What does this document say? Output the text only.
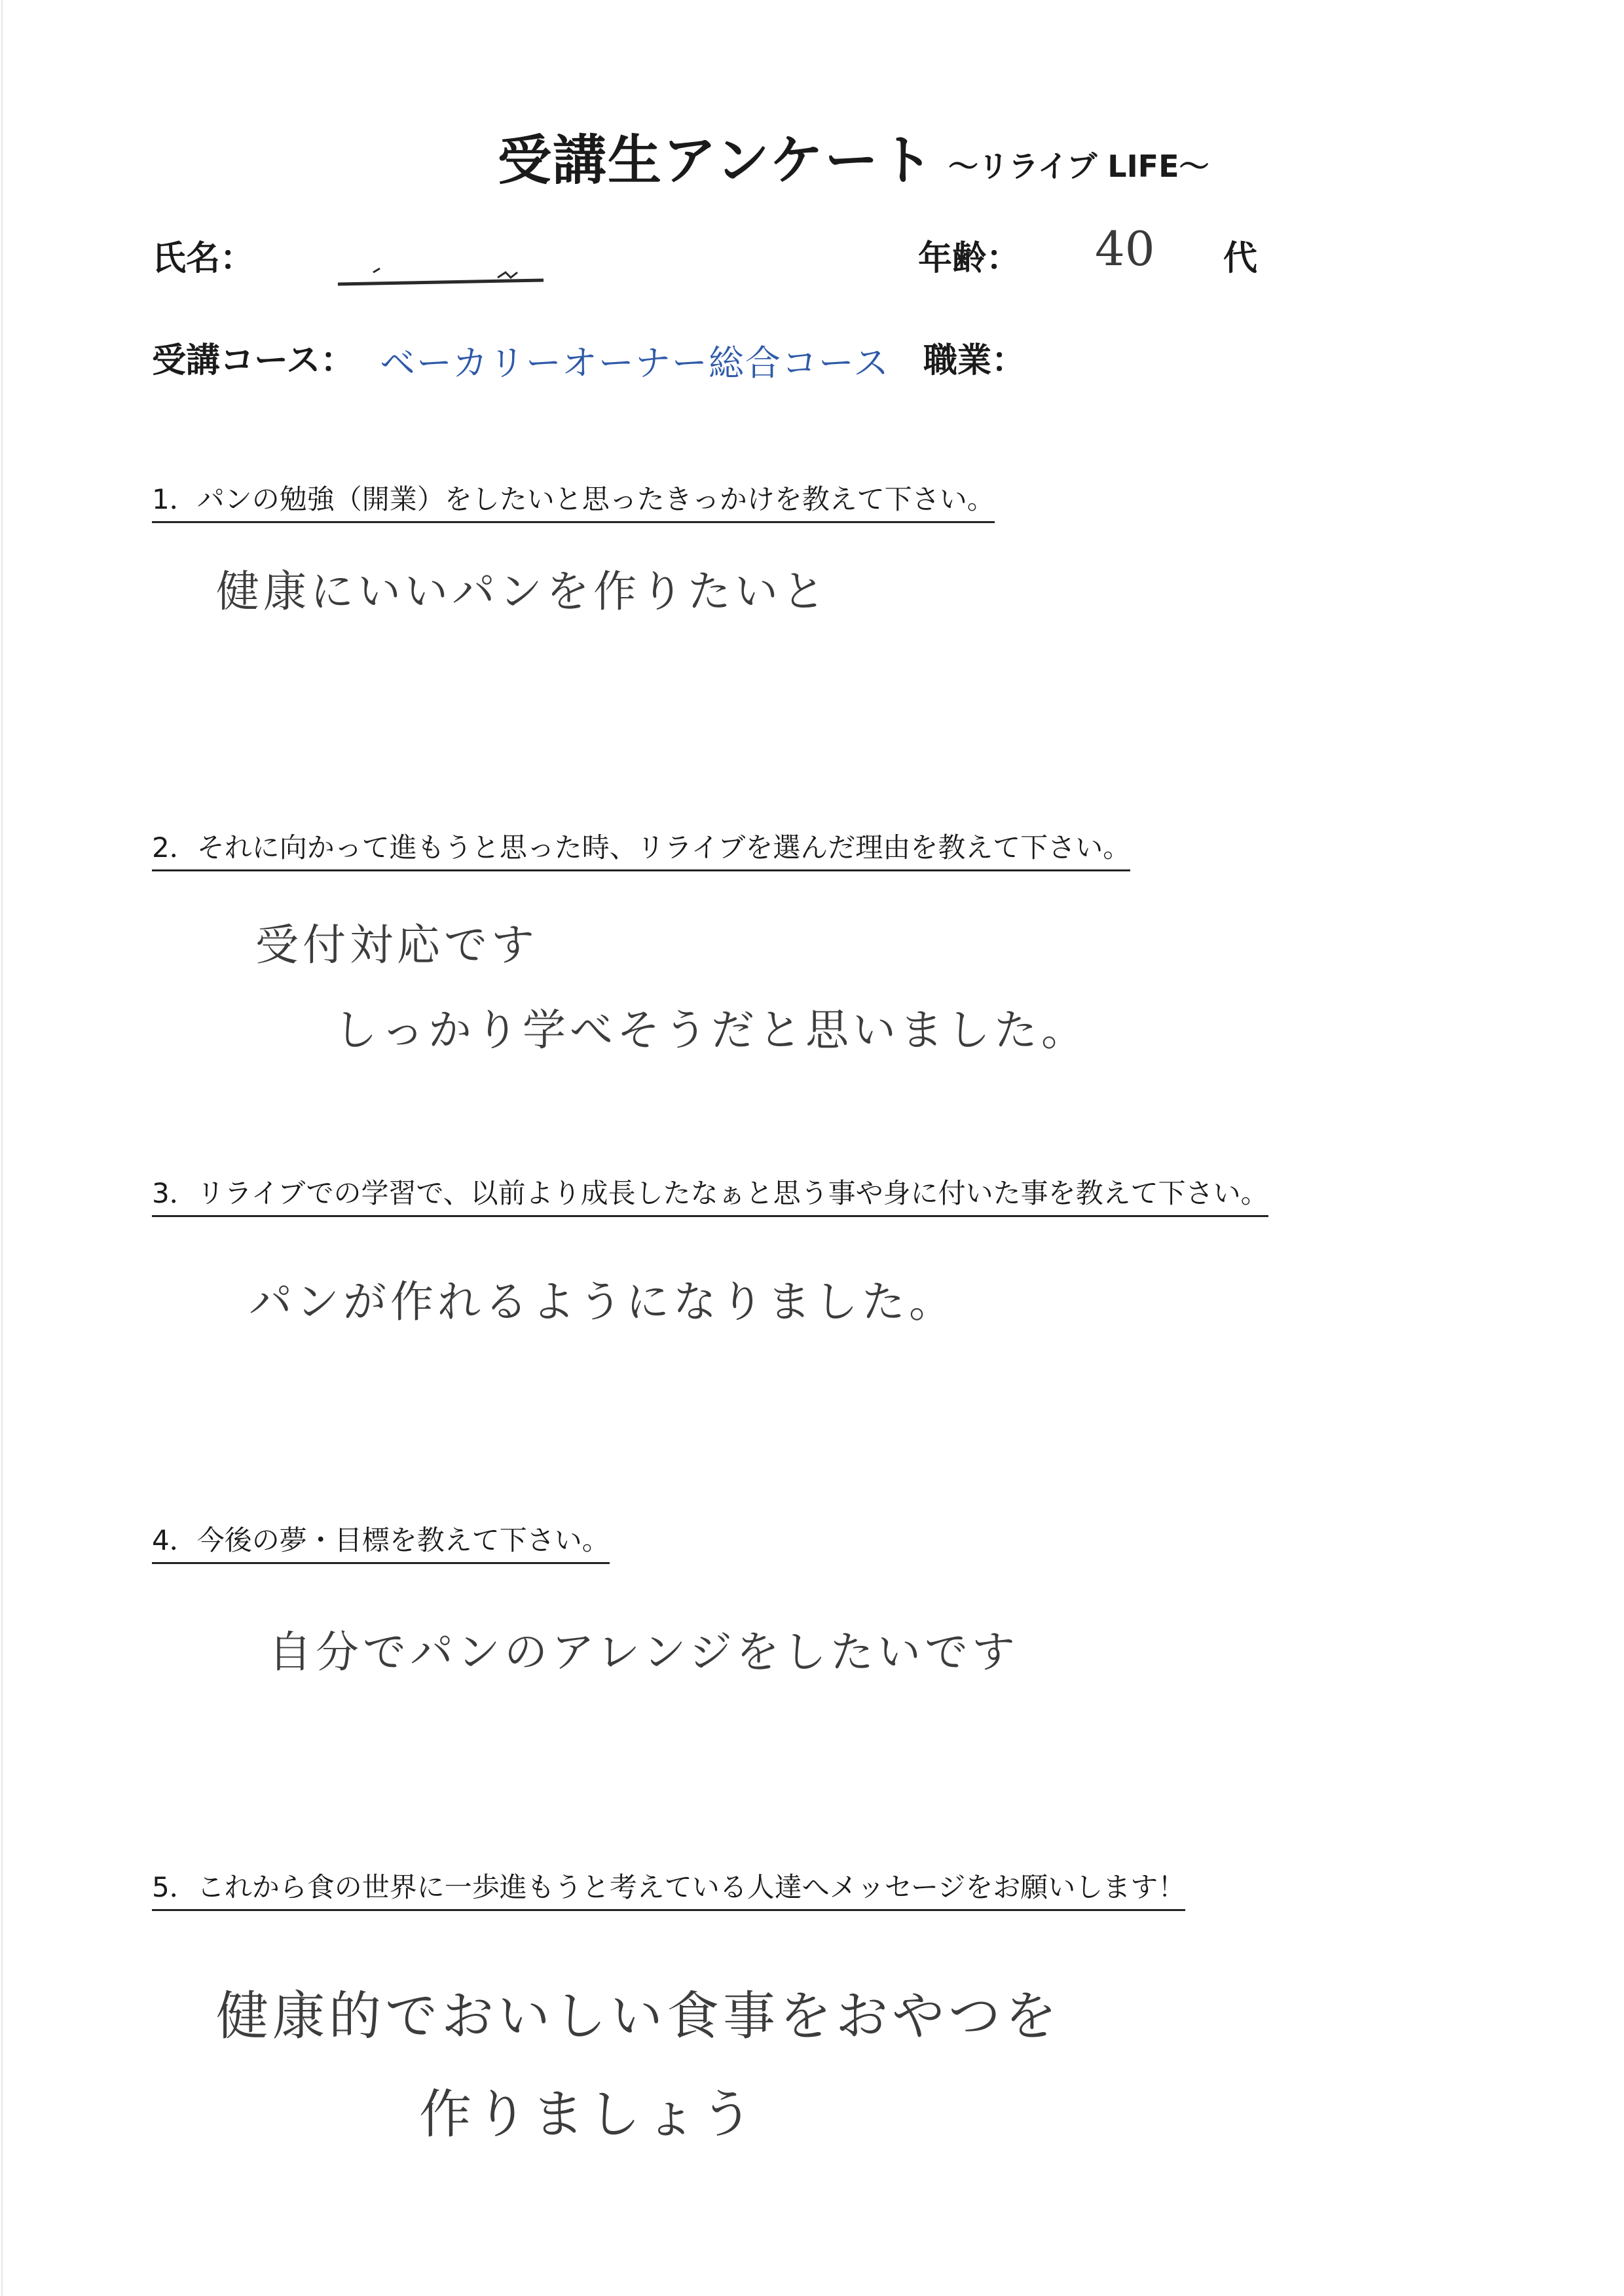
受講生アンケート ～リライブ LIFE～
氏名：	年齢： 40 代
受講コース： ベーカリーオーナー総合コース 職業：
1．パンの勉強（開業）をしたいと思ったきっかけを教えて下さい。
健康にいいパンを作りたいと
2．それに向かって進もうと思った時、リライブを選んだ理由を教えて下さい。
受付対応です
しっかり学べそうだと思いました。
3．リライブでの学習で、以前より成長したなぁと思う事や身に付いた事を教えて下さい。
パンが作れるようになりました。
4．今後の夢・目標を教えて下さい。
自分でパンのアレンジをしたいです
5．これから食の世界に一歩進もうと考えている人達へメッセージをお願いします！
健康的でおいしい食事をおやつを
作りましょう
